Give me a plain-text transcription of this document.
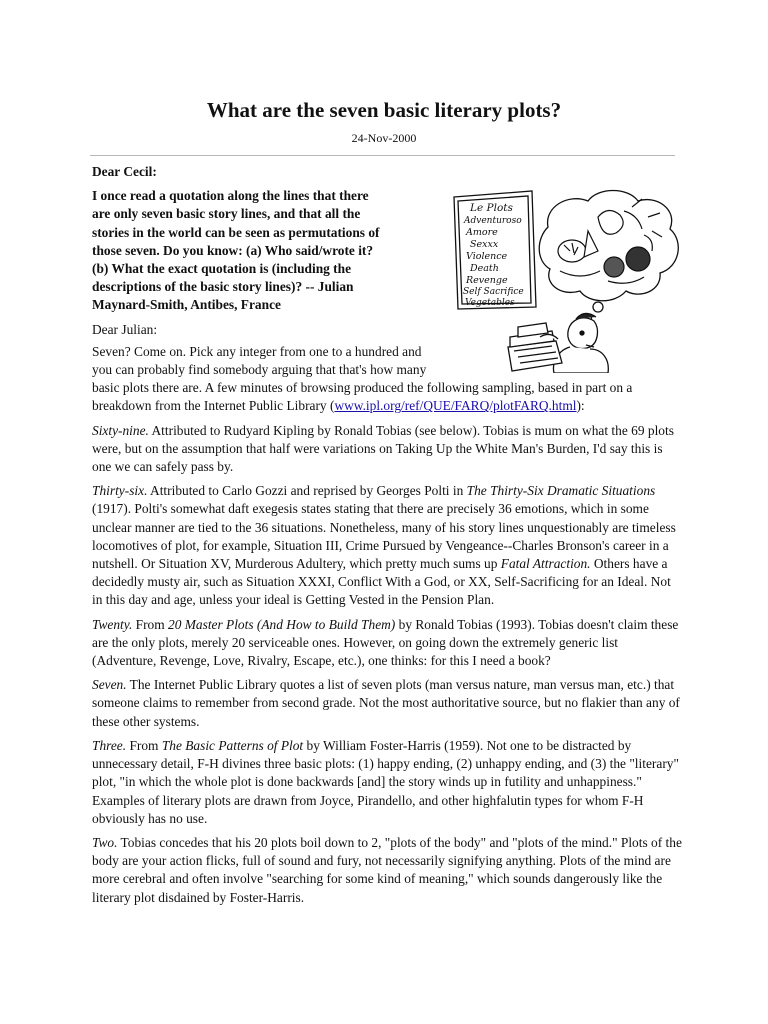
What are the seven basic literary plots?
24-Nov-2000

Dear Cecil:

Le Plots
Adventuroso
Amore
Sexxx
Violence
Death
Revenge
Self Sacrifice
Vegetables

I once read a quotation along the lines that there are only seven basic story lines, and that all the stories in the world can be seen as permutations of those seven. Do you know: (a) Who said/wrote it? (b) What the exact quotation is (including the descriptions of the basic story lines)? -- Julian Maynard-Smith, Antibes, France

Dear Julian:

Seven? Come on. Pick any integer from one to a hundred and you can probably find somebody arguing that that's how many basic plots there are. A few minutes of browsing produced the following sampling, based in part on a breakdown from the Internet Public Library (www.ipl.org/ref/QUE/FARQ/plotFARQ.html):

Sixty-nine. Attributed to Rudyard Kipling by Ronald Tobias (see below). Tobias is mum on what the 69 plots were, but on the assumption that half were variations on Taking Up the White Man's Burden, I'd say this is one we can safely pass by.

Thirty-six. Attributed to Carlo Gozzi and reprised by Georges Polti in The Thirty-Six Dramatic Situations (1917). Polti's somewhat daft exegesis states stating that there are precisely 36 emotions, which in some unclear manner are tied to the 36 situations. Nonetheless, many of his story lines unquestionably are timeless locomotives of plot, for example, Situation III, Crime Pursued by Vengeance--Charles Bronson's career in a nutshell. Or Situation XV, Murderous Adultery, which pretty much sums up Fatal Attraction. Others have a decidedly musty air, such as Situation XXXI, Conflict With a God, or XX, Self-Sacrificing for an Ideal. Not in this day and age, unless your ideal is Getting Vested in the Pension Plan.

Twenty. From 20 Master Plots (And How to Build Them) by Ronald Tobias (1993). Tobias doesn't claim these are the only plots, merely 20 serviceable ones. However, on going down the extremely generic list (Adventure, Revenge, Love, Rivalry, Escape, etc.), one thinks: for this I need a book?

Seven. The Internet Public Library quotes a list of seven plots (man versus nature, man versus man, etc.) that someone claims to remember from second grade. Not the most authoritative source, but no flakier than any of these other systems.

Three. From The Basic Patterns of Plot by William Foster-Harris (1959). Not one to be distracted by unnecessary detail, F-H divines three basic plots: (1) happy ending, (2) unhappy ending, and (3) the "literary" plot, "in which the whole plot is done backwards [and] the story winds up in futility and unhappiness." Examples of literary plots are drawn from Joyce, Pirandello, and other highfalutin types for whom F-H obviously has no use.

Two. Tobias concedes that his 20 plots boil down to 2, "plots of the body" and "plots of the mind." Plots of the body are your action flicks, full of sound and fury, not necessarily signifying anything. Plots of the mind are more cerebral and often involve "searching for some kind of meaning," which sounds dangerously like the literary plot disdained by Foster-Harris.
